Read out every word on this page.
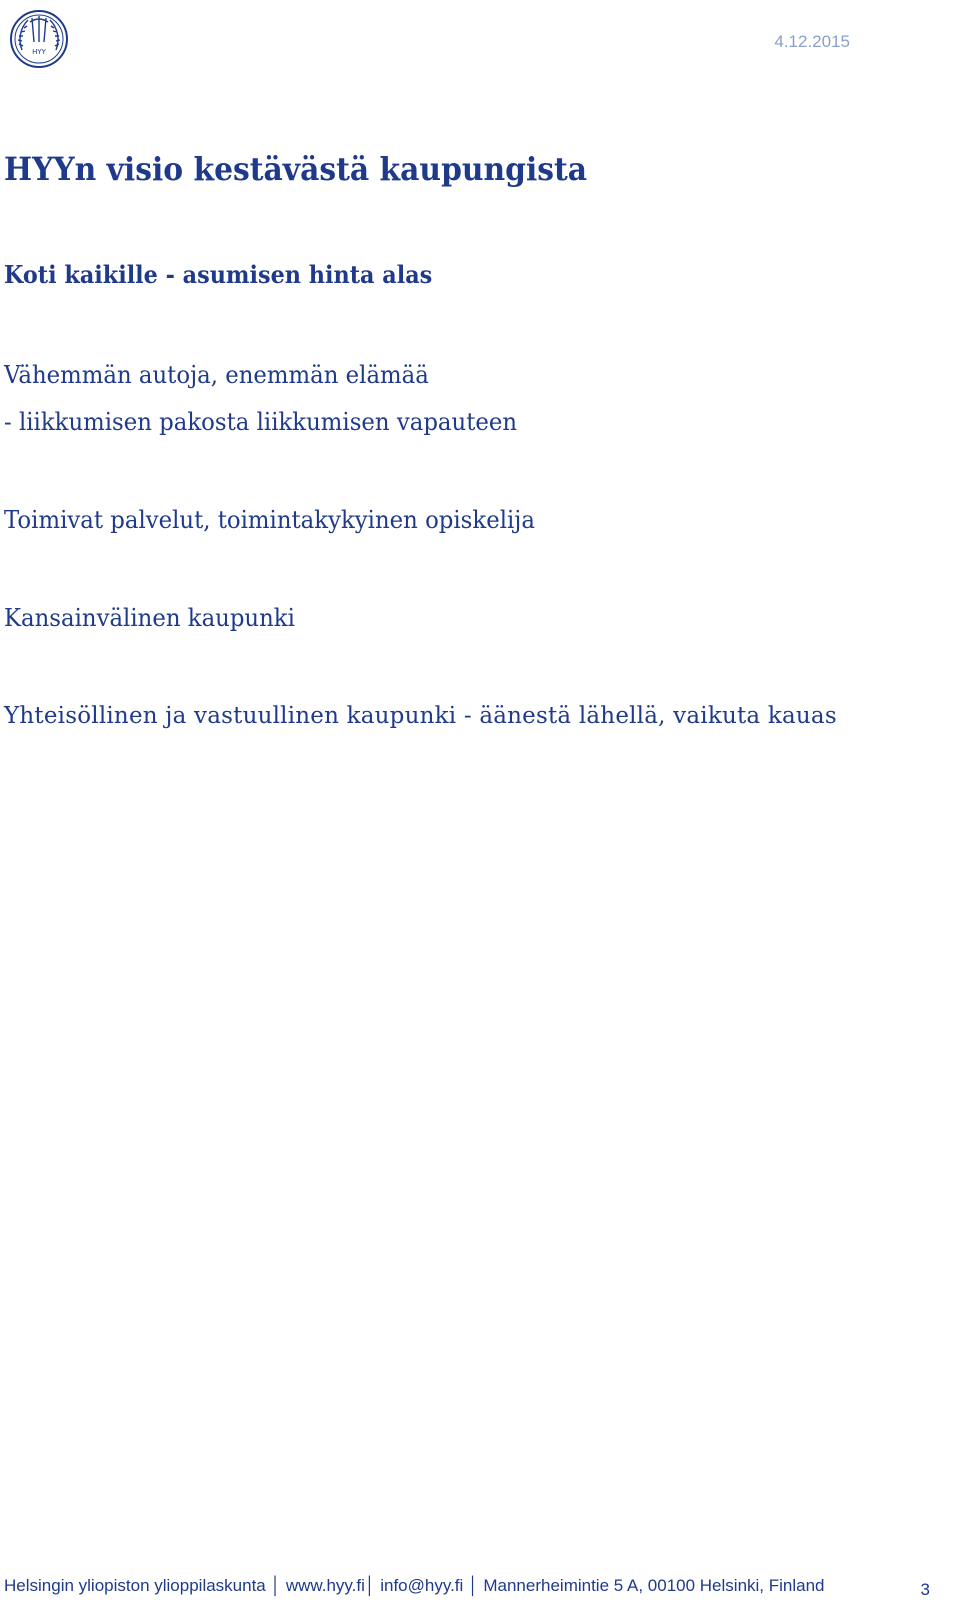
HYY
4.12.2015
HYYn visio kestävästä kaupungista
Koti kaikille - asumisen hinta alas

Vähemmän autoja, enemmän elämää

- liikkumisen pakosta liikkumisen vapauteen

Toimivat palvelut, toimintakykyinen opiskelija

Kansainvälinen kaupunki

Yhteisöllinen ja vastuullinen kaupunki - äänestä lähellä, vaikuta kauas

Helsingin yliopiston ylioppilaskunta │ www.hyy.fi│ info@hyy.fi │ Mannerheimintie 5 A, 00100 Helsinki, Finland	3
